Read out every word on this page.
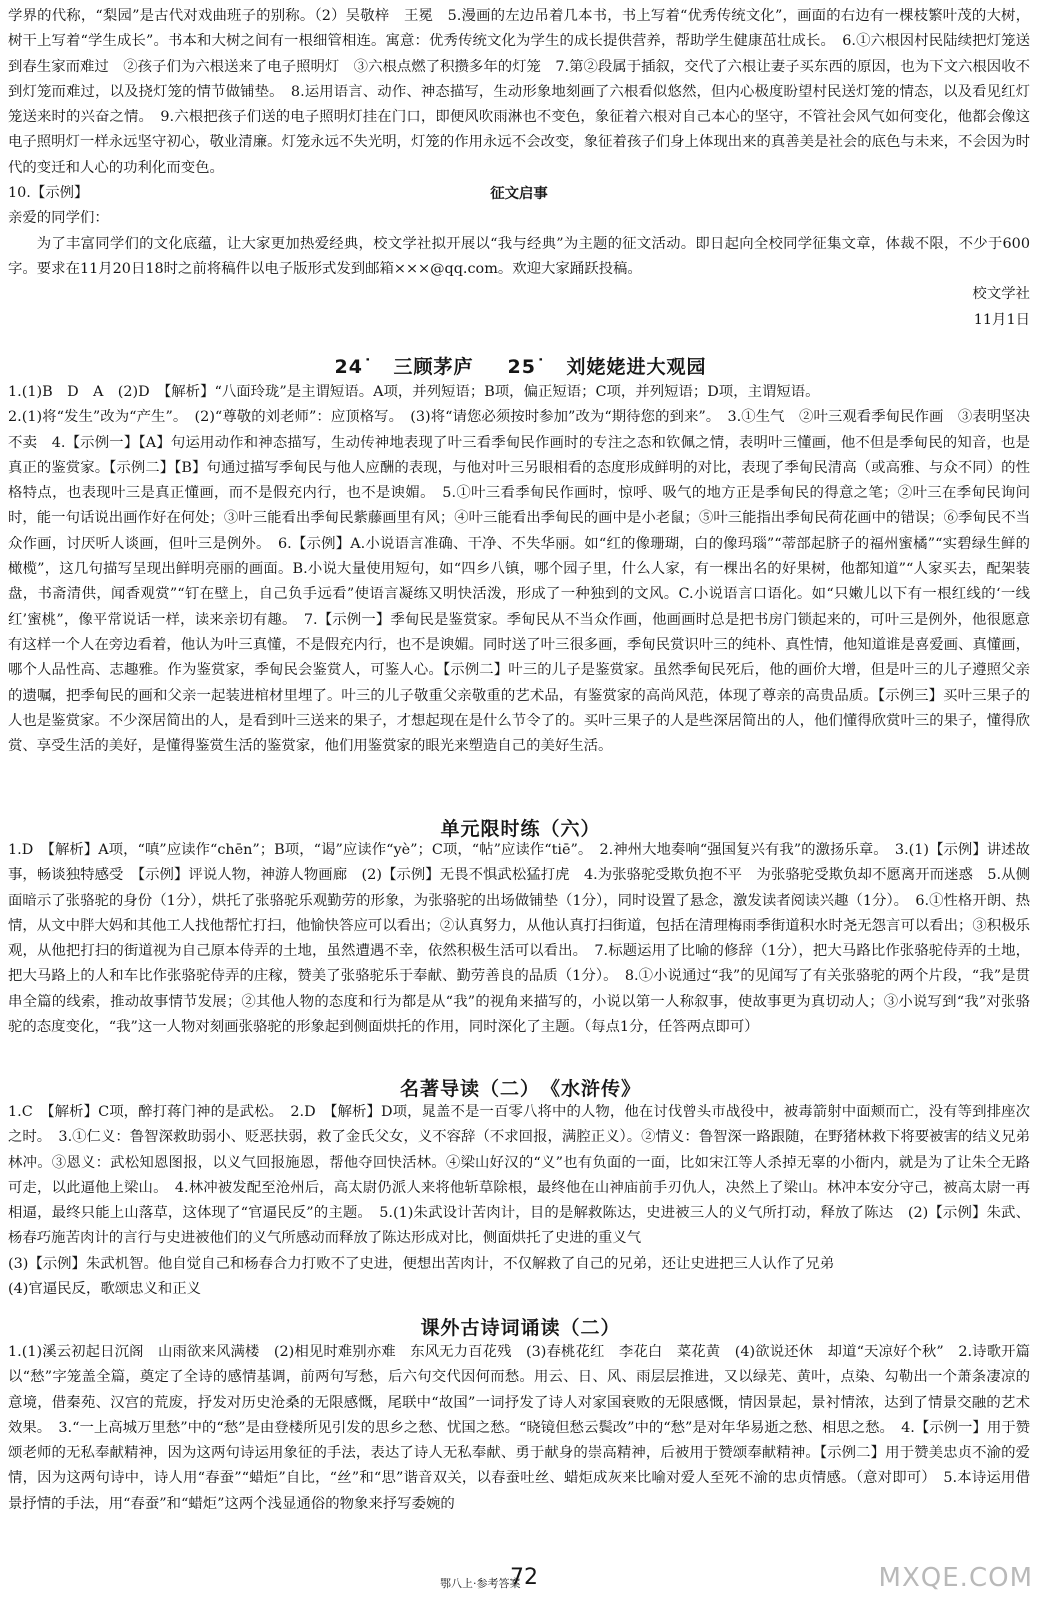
学界的代称，“梨园”是古代对戏曲班子的别称。（2）吴敬梓　王冕　5.漫画的左边吊着几本书，书上写着“优秀传统文化”，画面的右边有一棵枝繁叶茂的大树，树干上写着“学生成长”。书本和大树之间有一根细管相连。寓意：优秀传统文化为学生的成长提供营养，帮助学生健康茁壮成长。　6.①六根因村民陆续把灯笼送到春生家而难过　②孩子们为六根送来了电子照明灯　③六根点燃了积攒多年的灯笼　7.第②段属于插叙，交代了六根让妻子买东西的原因，也为下文六根因收不到灯笼而难过，以及挠灯笼的情节做铺垫。　8.运用语言、动作、神态描写，生动形象地刻画了六根看似悠然，但内心极度盼望村民送灯笼的情态，以及看见红灯笼送来时的兴奋之情。　9.六根把孩子们送的电子照明灯挂在门口，即便风吹雨淋也不变色，象征着六根对自己本心的坚守，不管社会风气如何变化，他都会像这电子照明灯一样永远坚守初心，敬业清廉。灯笼永远不失光明，灯笼的作用永远不会改变，象征着孩子们身上体现出来的真善美是社会的底色与未来，不会因为时代的变迁和人心的功利化而变色。

10.【示例】	征文启事

亲爱的同学们：

为了丰富同学们的文化底蕴，让大家更加热爱经典，校文学社拟开展以“我与经典”为主题的征文活动。即日起向全校同学征集文章，体裁不限，不少于600字。要求在11月20日18时之前将稿件以电子版形式发到邮箱×××@qq.com。欢迎大家踊跃投稿。

校文学社

11月1日

24˙　三顾茅庐 25˙　刘姥姥进大观园

1.(1)B　D　A　(2)D　【解析】“八面玲珑”是主谓短语。A项，并列短语；B项，偏正短语；C项，并列短语；D项，主谓短语。

2.(1)将“发生”改为“产生”。　(2)“尊敬的刘老师”：应顶格写。　(3)将“请您必须按时参加”改为“期待您的到来”。　3.①生气　②叶三观看季甸民作画　③表明坚决不卖　4.【示例一】【A】句运用动作和神态描写，生动传神地表现了叶三看季甸民作画时的专注之态和钦佩之情，表明叶三懂画，他不但是季甸民的知音，也是真正的鉴赏家。【示例二】【B】句通过描写季甸民与他人应酬的表现，与他对叶三另眼相看的态度形成鲜明的对比，表现了季甸民清高（或高雅、与众不同）的性格特点，也表现叶三是真正懂画，而不是假充内行，也不是谀媚。　5.①叶三看季甸民作画时，惊呼、吸气的地方正是季甸民的得意之笔；②叶三在季甸民询问时，能一句话说出画作好在何处；③叶三能看出季甸民紫藤画里有风；④叶三能看出季甸民的画中是小老鼠；⑤叶三能指出季甸民荷花画中的错误；⑥季甸民不当众作画，讨厌听人谈画，但叶三是例外。　6.【示例】A.小说语言准确、干净、不失华丽。如“红的像珊瑚，白的像玛瑙”“蒂部起脐子的福州蜜橘”“实碧绿生鲜的橄榄”，这几句描写呈现出鲜明亮丽的画面。B.小说大量使用短句，如“四乡八镇，哪个园子里，什么人家，有一棵出名的好果树，他都知道”“人家买去，配架装盘，书斋清供，闻香观赏”“钉在壁上，自己负手远看”使语言凝练又明快活泼，形成了一种独到的文风。C.小说语言口语化。如“只嫩儿以下有一根红线的‘一线红’蜜桃”，像平常说话一样，读来亲切有趣。　7.【示例一】季甸民是鉴赏家。季甸民从不当众作画，他画画时总是把书房门锁起来的，可叶三是例外，他很愿意有这样一个人在旁边看着，他认为叶三真懂，不是假充内行，也不是谀媚。同时送了叶三很多画，季甸民赏识叶三的纯朴、真性情，他知道谁是喜爱画、真懂画，哪个人品性高、志趣雅。作为鉴赏家，季甸民会鉴赏人，可鉴人心。【示例二】叶三的儿子是鉴赏家。虽然季甸民死后，他的画价大增，但是叶三的儿子遵照父亲的遗嘱，把季甸民的画和父亲一起装进棺材里埋了。叶三的儿子敬重父亲敬重的艺术品，有鉴赏家的高尚风范，体现了尊亲的高贵品质。【示例三】买叶三果子的人也是鉴赏家。不少深居简出的人，是看到叶三送来的果子，才想起现在是什么节令了的。买叶三果子的人是些深居简出的人，他们懂得欣赏叶三的果子，懂得欣赏、享受生活的美好，是懂得鉴赏生活的鉴赏家，他们用鉴赏家的眼光来塑造自己的美好生活。

单元限时练（六）

1.D　【解析】A项，“嗔”应读作“chēn”；B项，“谒”应读作“yè”；C项，“帖”应读作“tiē”。　2.神州大地奏响“强国复兴有我”的激扬乐章。　3.(1)【示例】讲述故事，畅谈独特感受　【示例】评说人物，神游人物画廊　(2)【示例】无畏不惧武松猛打虎　4.为张骆驼受欺负抱不平　为张骆驼受欺负却不愿离开而迷惑　5.从侧面暗示了张骆驼的身份（1分），烘托了张骆驼乐观勤劳的形象，为张骆驼的出场做铺垫（1分），同时设置了悬念，激发读者阅读兴趣（1分）。　6.①性格开朗、热情，从文中胖大妈和其他工人找他帮忙打扫，他愉快答应可以看出；②认真努力，从他认真打扫街道，包括在清理梅雨季街道积水时尧无怨言可以看出；③积极乐观，从他把打扫的街道视为自己原本侍弄的土地，虽然遭遇不幸，依然积极生活可以看出。　7.标题运用了比喻的修辞（1分），把大马路比作张骆驼侍弄的土地，把大马路上的人和车比作张骆驼侍弄的庄稼，赞美了张骆驼乐于奉献、勤劳善良的品质（1分）。　8.①小说通过“我”的见闻写了有关张骆驼的两个片段，“我”是贯串全篇的线索，推动故事情节发展；②其他人物的态度和行为都是从“我”的视角来描写的，小说以第一人称叙事，使故事更为真切动人；③小说写到“我”对张骆驼的态度变化，“我”这一人物对刻画张骆驼的形象起到侧面烘托的作用，同时深化了主题。（每点1分，任答两点即可）

名著导读（二）　《水浒传》

1.C　【解析】C项，醉打蒋门神的是武松。　2.D　【解析】D项，晁盖不是一百零八将中的人物，他在讨伐曾头市战役中，被毒箭射中面颊而亡，没有等到排座次之时。　3.①仁义：鲁智深救助弱小、贬恶扶弱，救了金氏父女，义不容辞（不求回报，满腔正义）。②情义：鲁智深一路跟随，在野猪林救下将要被害的结义兄弟林冲。③恩义：武松知恩图报，以义气回报施恩，帮他夺回快活林。④梁山好汉的“义”也有负面的一面，比如宋江等人杀掉无辜的小衙内，就是为了让朱仝无路可走，以此逼他上梁山。　4.林冲被发配至沧州后，高太尉仍派人来将他斩草除根，最终他在山神庙前手刃仇人，决然上了梁山。林冲本安分守己，被高太尉一再相逼，最终只能上山落草，这体现了“官逼民反”的主题。　5.(1)朱武设计苦肉计，目的是解救陈达，史进被三人的义气所打动，释放了陈达　(2)【示例】朱武、杨春巧施苦肉计的言行与史进被他们的义气所感动而释放了陈达形成对比，侧面烘托了史进的重义气

(3)【示例】朱武机智。他自觉自己和杨春合力打败不了史进，便想出苦肉计，不仅解救了自己的兄弟，还让史进把三人认作了兄弟

(4)官逼民反，歌颂忠义和正义

课外古诗词诵读（二）

1.(1)溪云初起日沉阁　山雨欲来风满楼　(2)相见时难别亦难　东风无力百花残　(3)春桃花红　李花白　菜花黄　(4)欲说还休　却道“天凉好个秋”　2.诗歌开篇以“愁”字笼盖全篇，奠定了全诗的感情基调，前两句写愁，后六句交代因何而愁。用云、日、风、雨层层推进，又以绿芜、黄叶，点染、勾勒出一个萧条凄凉的意境，借秦苑、汉宫的荒废，抒发对历史沧桑的无限感慨，尾联中“故国”一词抒发了诗人对家国衰败的无限感慨，情因景起，景衬情浓，达到了情景交融的艺术效果。　3.“一上高城万里愁”中的“愁”是由登楼所见引发的思乡之愁、忧国之愁。“晓镜但愁云鬓改”中的“愁”是对年华易逝之愁、相思之愁。　4.【示例一】用于赞颂老师的无私奉献精神，因为这两句诗运用象征的手法，表达了诗人无私奉献、勇于献身的崇高精神，后被用于赞颂奉献精神。【示例二】用于赞美忠贞不渝的爱情，因为这两句诗中，诗人用“春蚕”“蜡炬”自比，“丝”和“思”谐音双关，以春蚕吐丝、蜡炬成灰来比喻对爱人至死不渝的忠贞情感。（意对即可）　5.本诗运用借景抒情的手法，用“春蚕”和“蜡炬”这两个浅显通俗的物象来抒写委婉的

鄂八上·参考答案
72	MXQE.COM
